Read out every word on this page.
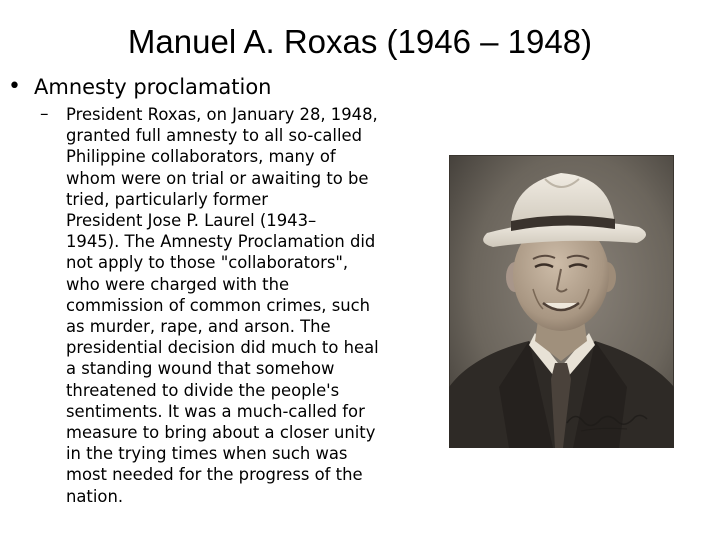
Manuel A. Roxas (1946 – 1948)
• Amnesty proclamation
– President Roxas, on January 28, 1948,
granted full amnesty to all so-called
Philippine collaborators, many of
whom were on trial or awaiting to be
tried, particularly former
President Jose P. Laurel (1943–
1945). The Amnesty Proclamation did
not apply to those "collaborators",
who were charged with the
commission of common crimes, such
as murder, rape, and arson. The
presidential decision did much to heal
a standing wound that somehow
threatened to divide the people's
sentiments. It was a much-called for
measure to bring about a closer unity
in the trying times when such was
most needed for the progress of the
nation.
